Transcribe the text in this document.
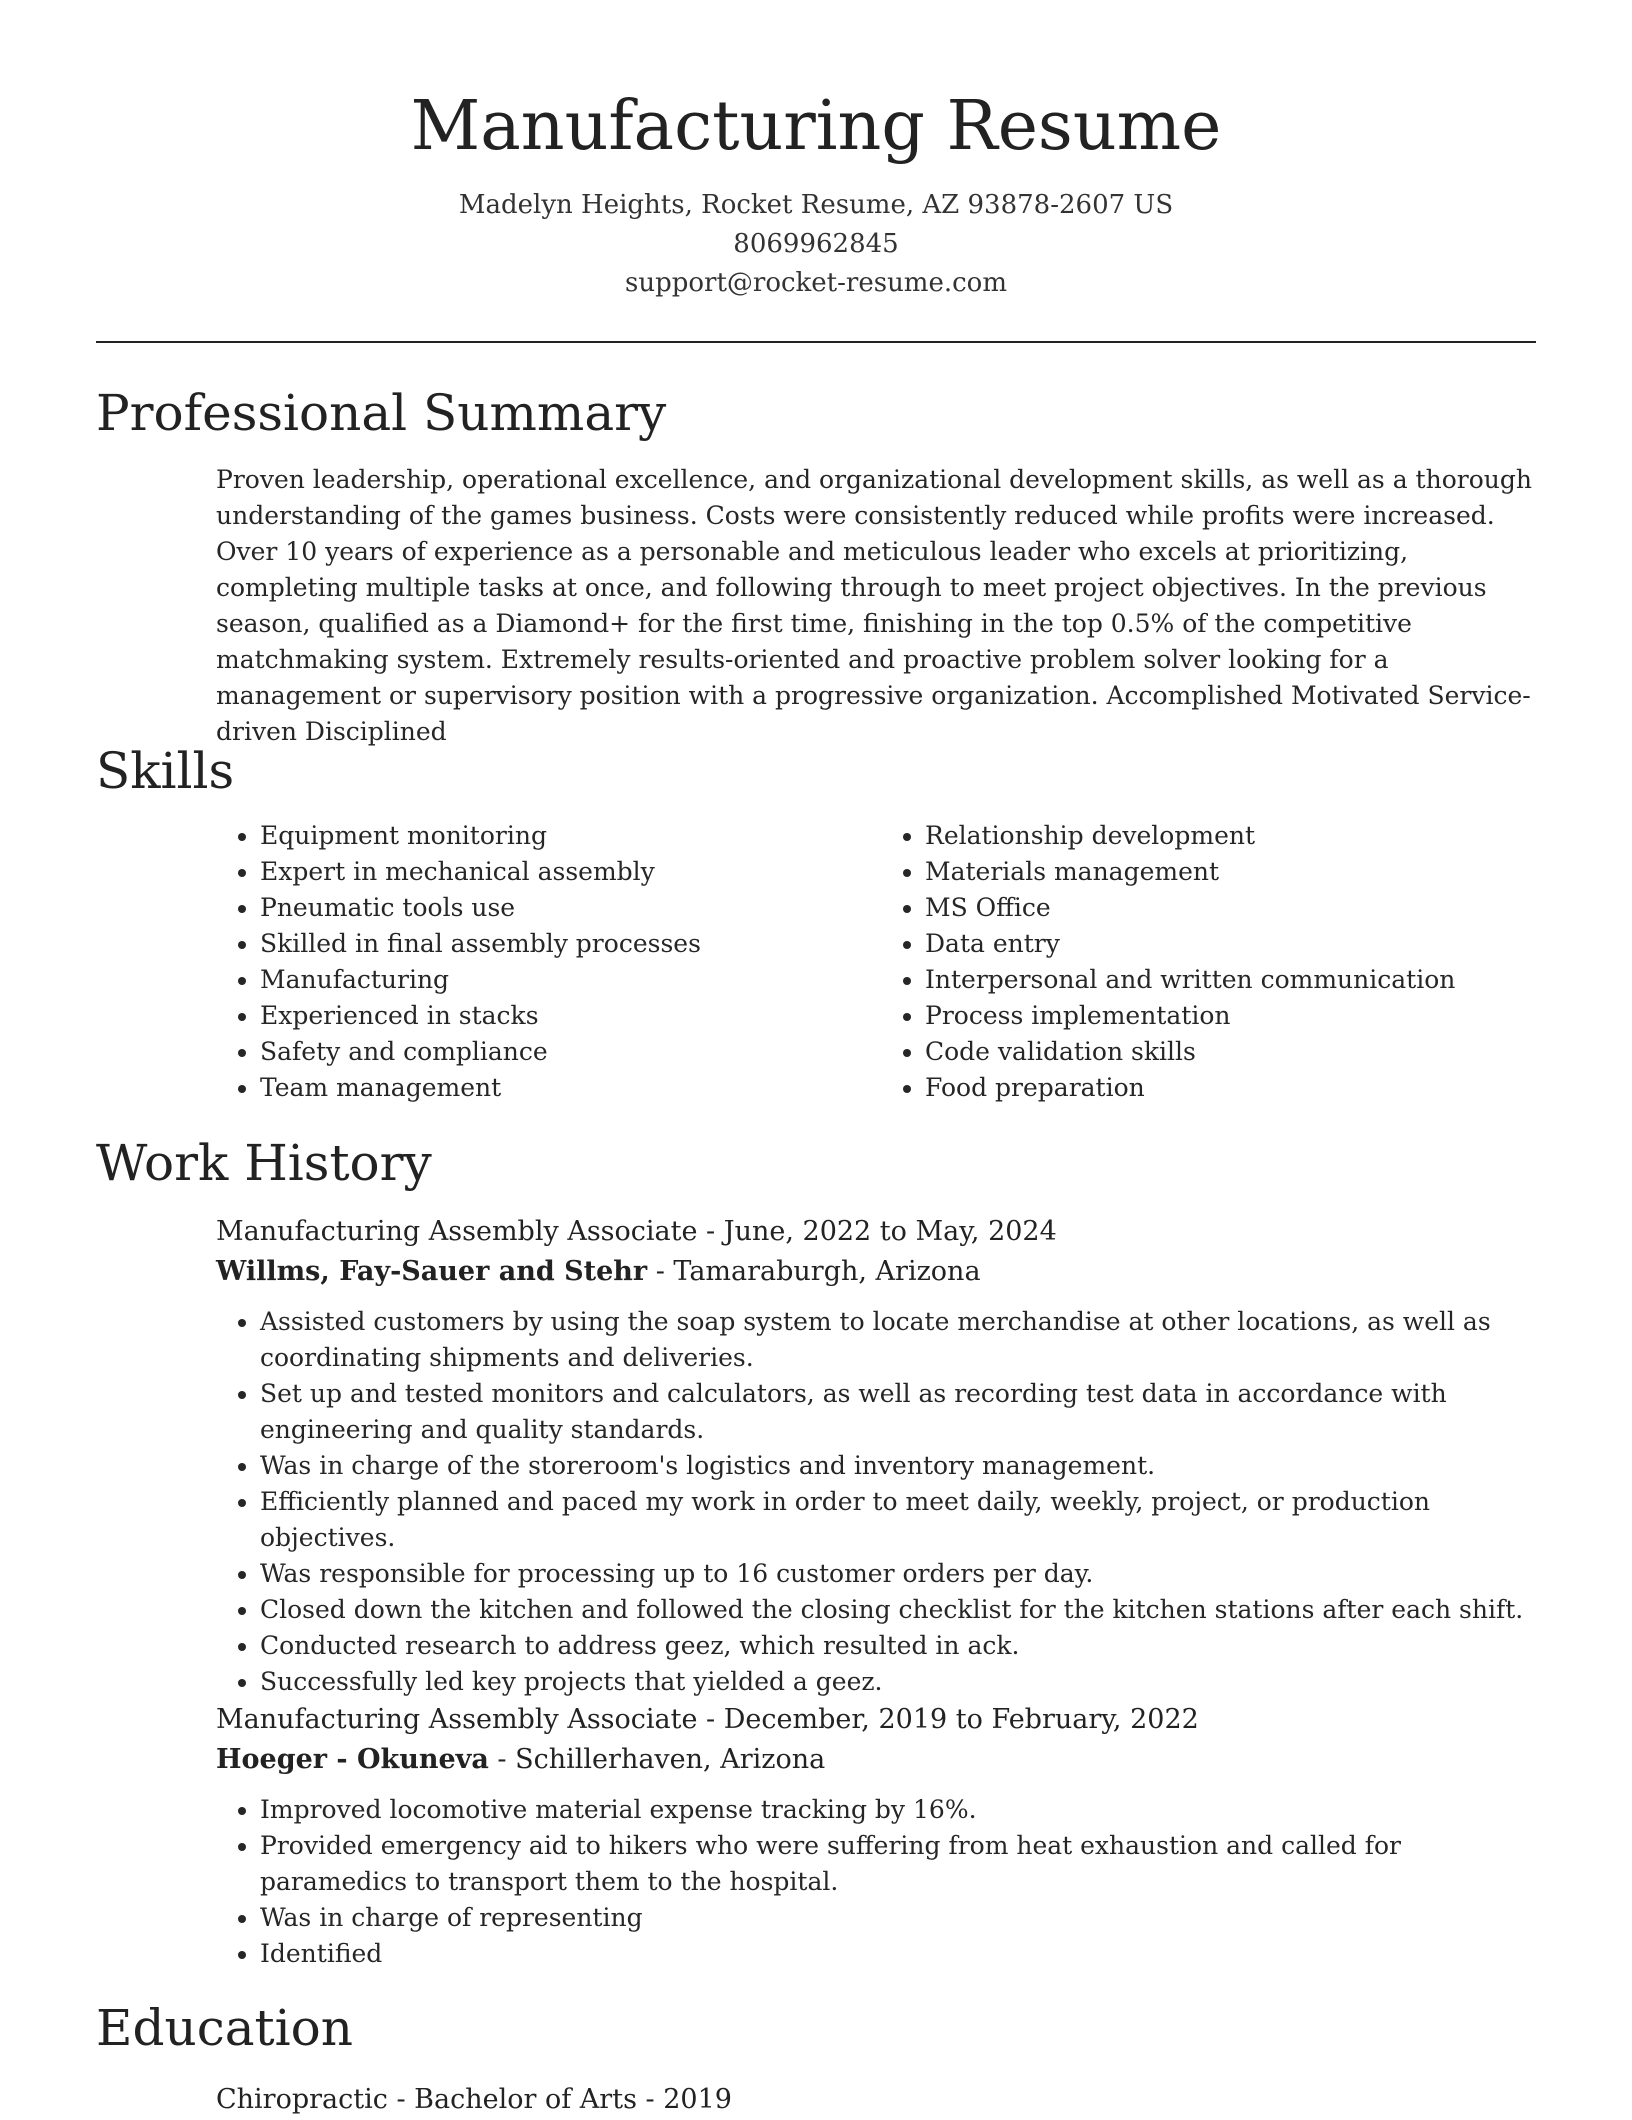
Manufacturing Resume
Madelyn Heights, Rocket Resume, AZ 93878-2607 US
8069962845
support@rocket-resume.com
Professional Summary

Proven leadership, operational excellence, and organizational development skills, as well as a thorough understanding of the games business. Costs were consistently reduced while profits were increased. Over 10 years of experience as a personable and meticulous leader who excels at prioritizing, completing multiple tasks at once, and following through to meet project objectives. In the previous season, qualified as a Diamond+ for the first time, finishing in the top 0.5% of the competitive matchmaking system. Extremely results-oriented and proactive problem solver looking for a management or supervisory position with a progressive organization. Accomplished Motivated Service-driven Disciplined

Skills
• Equipment monitoring
• Expert in mechanical assembly
• Pneumatic tools use
• Skilled in final assembly processes
• Manufacturing
• Experienced in stacks
• Safety and compliance
• Team management
• Relationship development
• Materials management
• MS Office
• Data entry
• Interpersonal and written communication
• Process implementation
• Code validation skills
• Food preparation
Work History
Manufacturing Assembly Associate - June, 2022 to May, 2024
Willms, Fay-Sauer and Stehr - Tamaraburgh, Arizona
• Assisted customers by using the soap system to locate merchandise at other locations, as well as coordinating shipments and deliveries.
• Set up and tested monitors and calculators, as well as recording test data in accordance with engineering and quality standards.
• Was in charge of the storeroom's logistics and inventory management.
• Efficiently planned and paced my work in order to meet daily, weekly, project, or production objectives.
• Was responsible for processing up to 16 customer orders per day.
• Closed down the kitchen and followed the closing checklist for the kitchen stations after each shift.
• Conducted research to address geez, which resulted in ack.
• Successfully led key projects that yielded a geez.
Manufacturing Assembly Associate - December, 2019 to February, 2022
Hoeger - Okuneva - Schillerhaven, Arizona
• Improved locomotive material expense tracking by 16%.
• Provided emergency aid to hikers who were suffering from heat exhaustion and called for paramedics to transport them to the hospital.
• Was in charge of representing
• Identified
Education
Chiropractic - Bachelor of Arts - 2019
